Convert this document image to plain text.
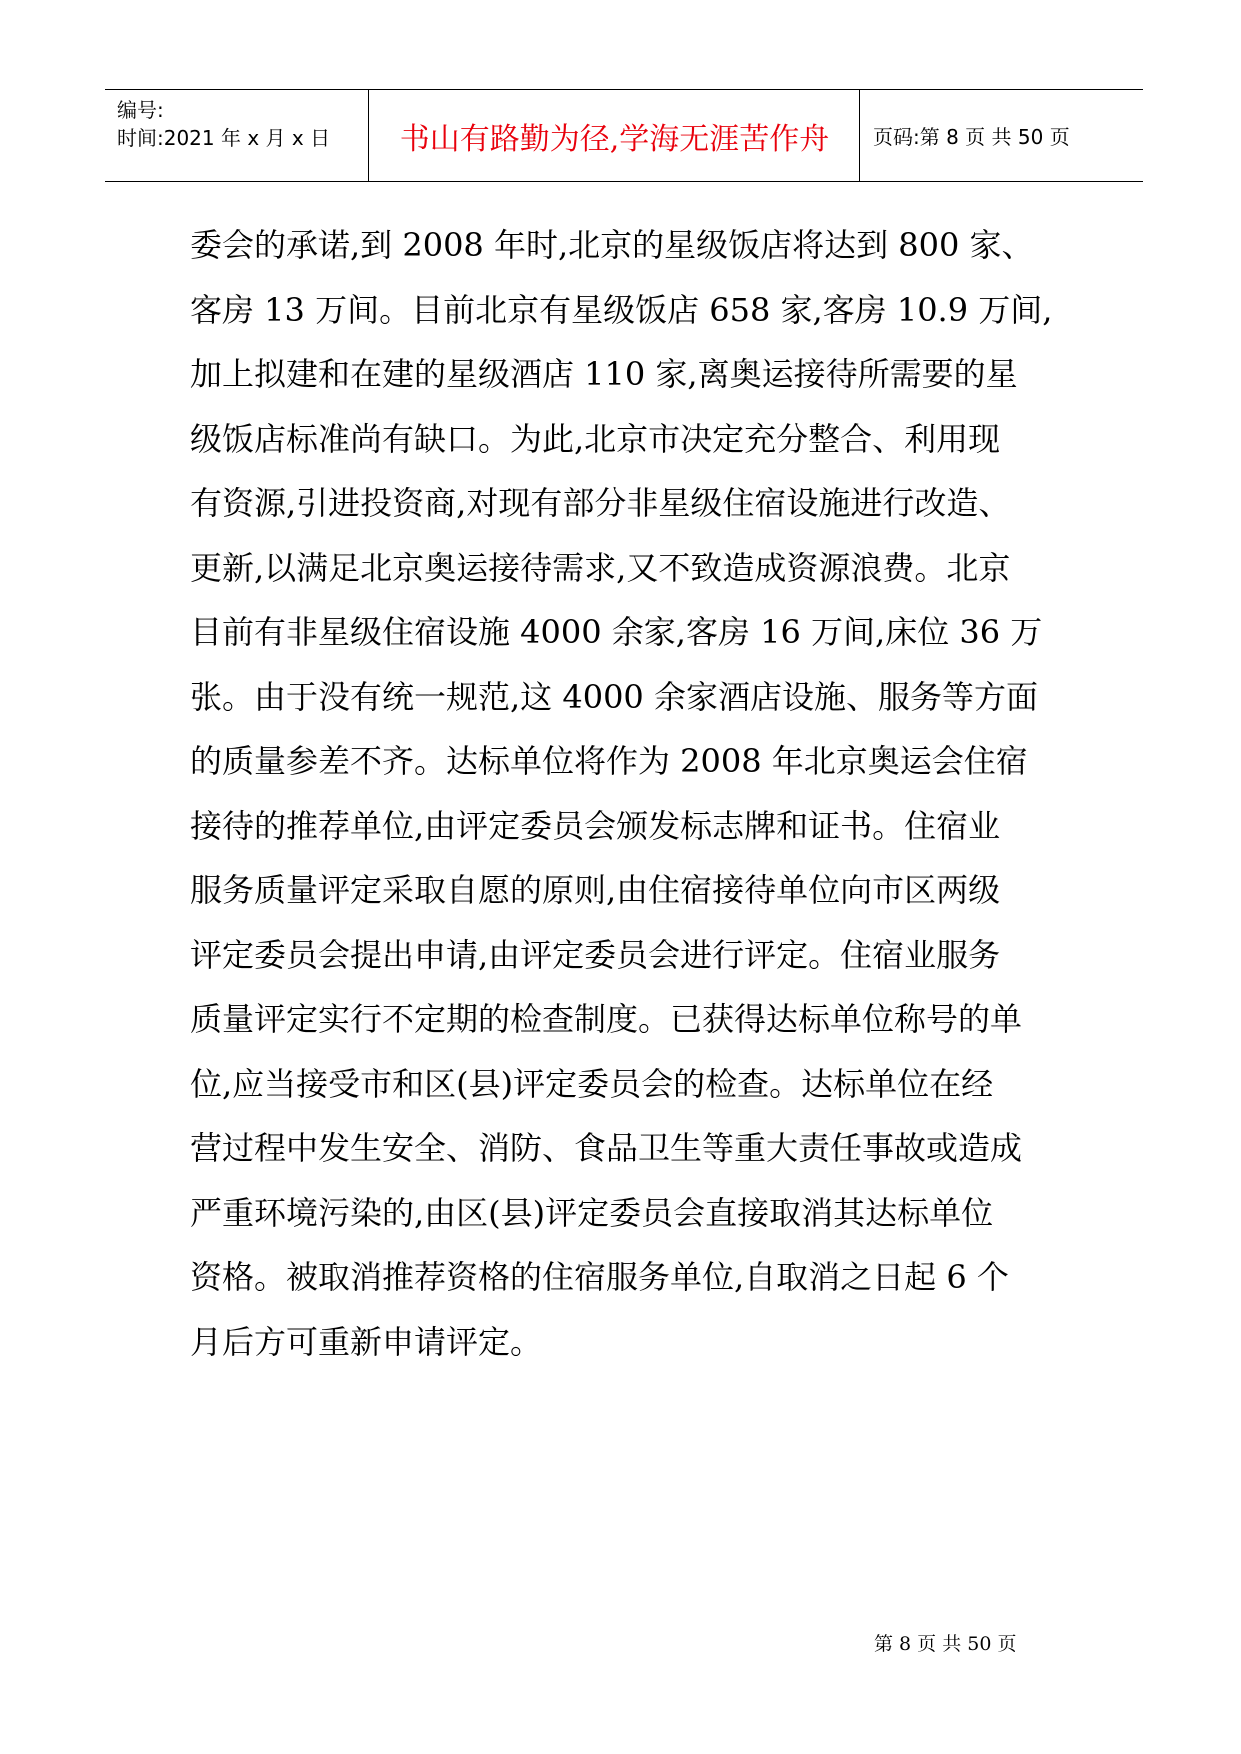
编号:
时间:2021 年 x 月 x 日	书山有路勤为径,学海无涯苦作舟	页码:第 8 页 共 50 页
委会的承诺,到 2008 年时,北京的星级饭店将达到 800 家、
客房 13 万间。目前北京有星级饭店 658 家,客房 10.9 万间,
加上拟建和在建的星级酒店 110 家,离奥运接待所需要的星
级饭店标准尚有缺口。为此,北京市决定充分整合、利用现
有资源,引进投资商,对现有部分非星级住宿设施进行改造、
更新,以满足北京奥运接待需求,又不致造成资源浪费。北京
目前有非星级住宿设施 4000 余家,客房 16 万间,床位 36 万
张。由于没有统一规范,这 4000 余家酒店设施、服务等方面
的质量参差不齐。达标单位将作为 2008 年北京奥运会住宿
接待的推荐单位,由评定委员会颁发标志牌和证书。住宿业
服务质量评定采取自愿的原则,由住宿接待单位向市区两级
评定委员会提出申请,由评定委员会进行评定。住宿业服务
质量评定实行不定期的检查制度。已获得达标单位称号的单
位,应当接受市和区(县)评定委员会的检查。达标单位在经
营过程中发生安全、消防、食品卫生等重大责任事故或造成
严重环境污染的,由区(县)评定委员会直接取消其达标单位
资格。被取消推荐资格的住宿服务单位,自取消之日起 6 个
月后方可重新申请评定。
第 8 页 共 50 页
